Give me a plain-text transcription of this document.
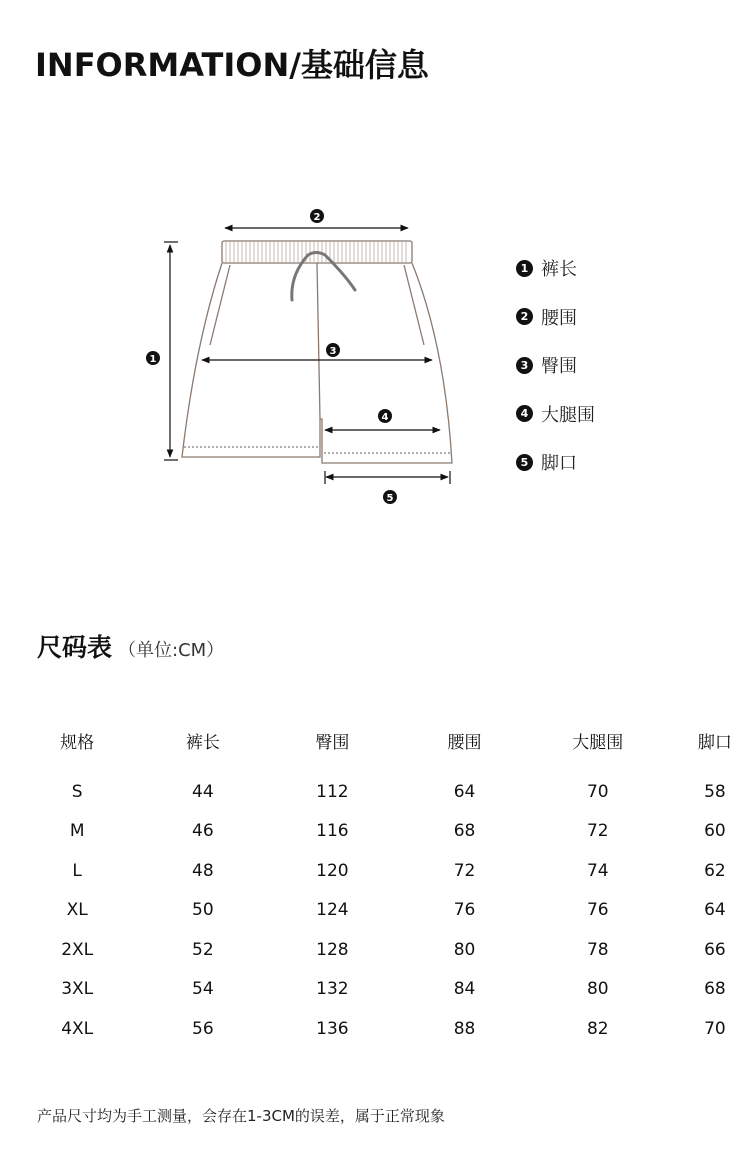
INFORMATION/基础信息
2
1
3
4
5
1 裤长
2 腰围
3 臀围
4 大腿围
5 脚口
尺码表 （单位:CM）
规格	裤长	臀围	腰围	大腿围	脚口

S	44	112	64	70	58
M	46	116	68	72	60
L	48	120	72	74	62
XL	50	124	76	76	64
2XL	52	128	80	78	66
3XL	54	132	84	80	68
4XL	56	136	88	82	70

产品尺寸均为手工测量，会存在1-3CM的误差，属于正常现象
